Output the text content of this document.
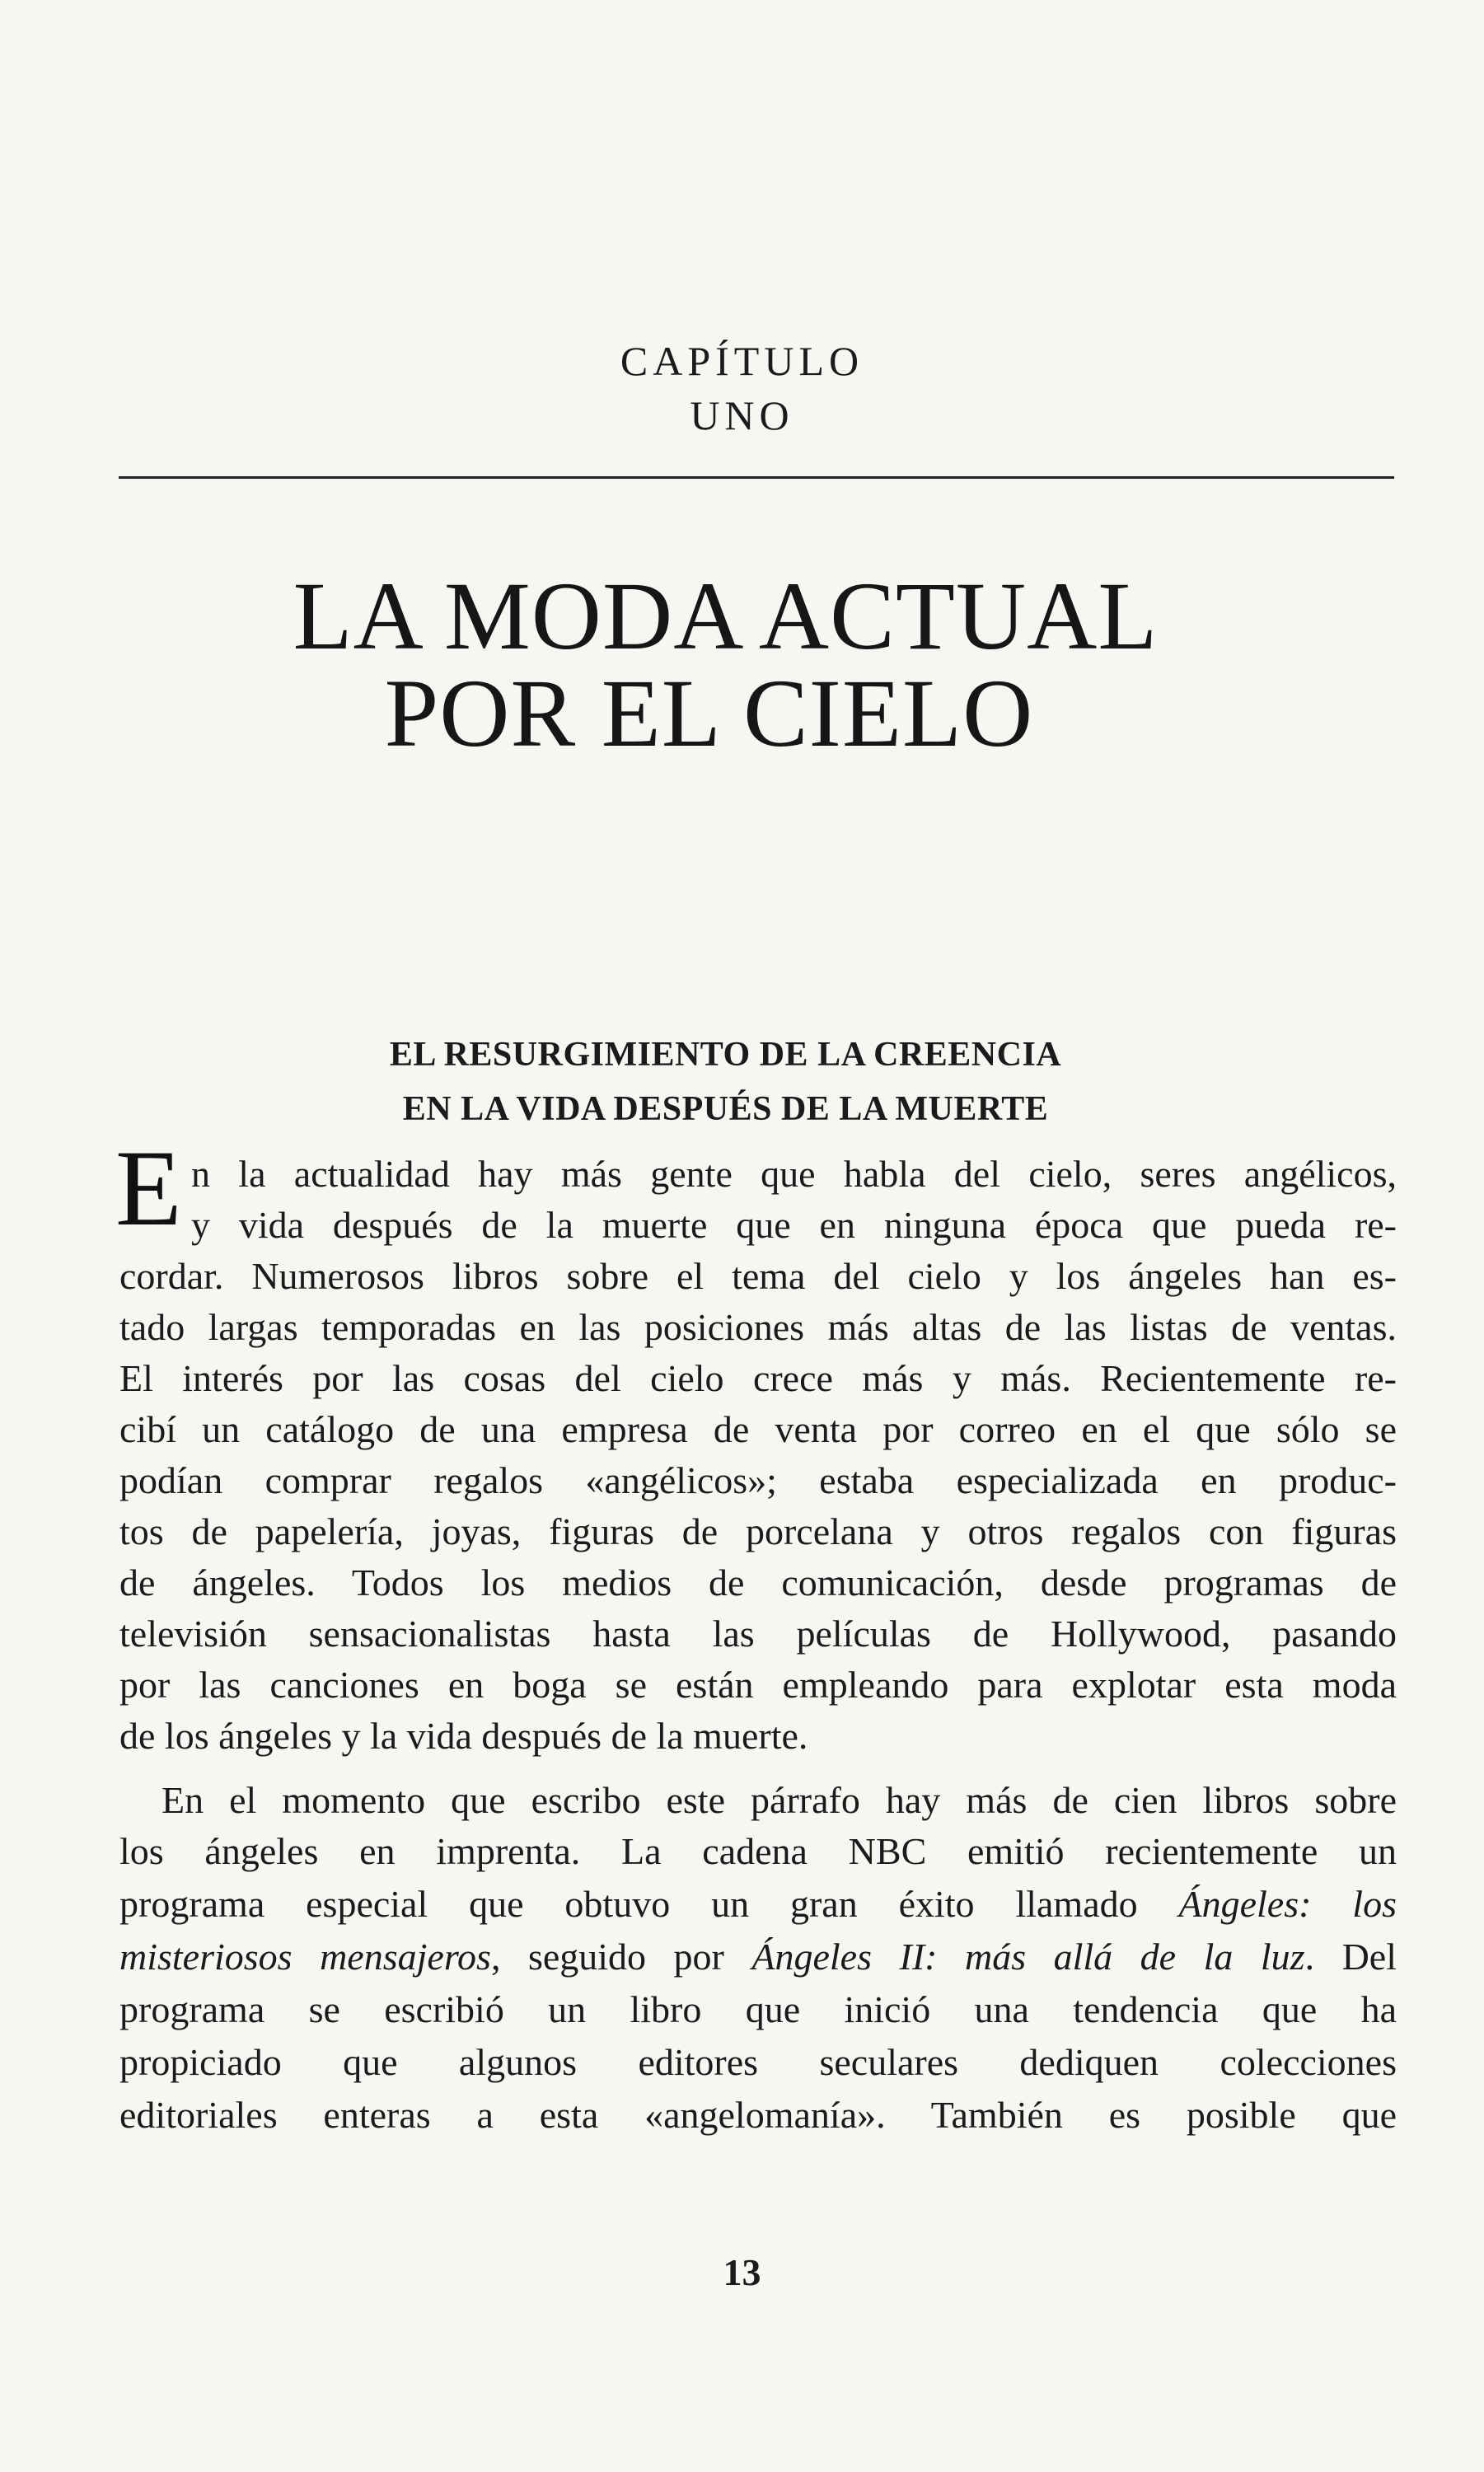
CAPÍTULO
UNO
LA MODA ACTUAL
POR EL CIELO
EL RESURGIMIENTO DE LA CREENCIA
EN LA VIDA DESPUÉS DE LA MUERTE
E n la actualidad hay más gente que habla del cielo, seres angélicos,
y vida después de la muerte que en ninguna época que pueda re-
cordar. Numerosos libros sobre el tema del cielo y los ángeles han es-
tado largas temporadas en las posiciones más altas de las listas de ventas.
El interés por las cosas del cielo crece más y más. Recientemente re-
cibí un catálogo de una empresa de venta por correo en el que sólo se
podían comprar regalos «angélicos»; estaba especializada en produc-
tos de papelería, joyas, figuras de porcelana y otros regalos con figuras
de ángeles. Todos los medios de comunicación, desde programas de
televisión sensacionalistas hasta las películas de Hollywood, pasando
por las canciones en boga se están empleando para explotar esta moda
de los ángeles y la vida después de la muerte.
En el momento que escribo este párrafo hay más de cien libros sobre
los ángeles en imprenta. La cadena NBC emitió recientemente un
programa especial que obtuvo un gran éxito llamado Ángeles: los
misteriosos mensajeros, seguido por Ángeles II: más allá de la luz. Del
programa se escribió un libro que inició una tendencia que ha
propiciado que algunos editores seculares dediquen colecciones
editoriales enteras a esta «angelomanía». También es posible que
13
